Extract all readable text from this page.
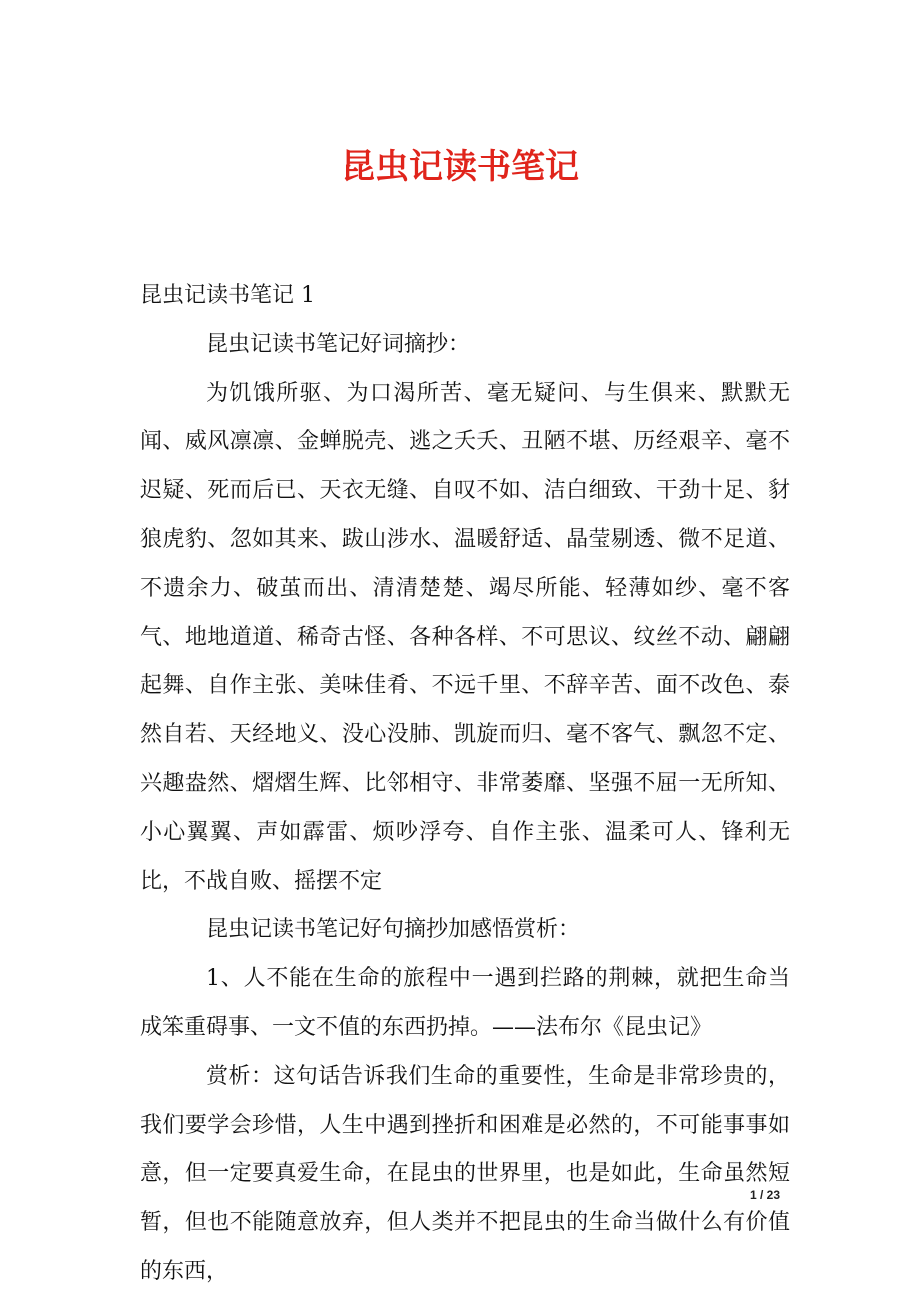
昆虫记读书笔记

昆虫记读书笔记 1

昆虫记读书笔记好词摘抄：

为饥饿所驱、为口渴所苦、毫无疑问、与生俱来、默默无闻、威风凛凛、金蝉脱壳、逃之夭夭、丑陋不堪、历经艰辛、毫不迟疑、死而后已、天衣无缝、自叹不如、洁白细致、干劲十足、豺狼虎豹、忽如其来、跋山涉水、温暖舒适、晶莹剔透、微不足道、不遗余力、破茧而出、清清楚楚、竭尽所能、轻薄如纱、毫不客气、地地道道、稀奇古怪、各种各样、不可思议、纹丝不动、翩翩起舞、自作主张、美味佳肴、不远千里、不辞辛苦、面不改色、泰然自若、天经地义、没心没肺、凯旋而归、毫不客气、飘忽不定、兴趣盎然、熠熠生辉、比邻相守、非常萎靡、坚强不屈一无所知、小心翼翼、声如霹雷、烦吵浮夸、自作主张、温柔可人、锋利无比，不战自败、摇摆不定

昆虫记读书笔记好句摘抄加感悟赏析：

1、人不能在生命的旅程中一遇到拦路的荆棘，就把生命当成笨重碍事、一文不值的东西扔掉。——法布尔《昆虫记》

赏析：这句话告诉我们生命的重要性，生命是非常珍贵的，我们要学会珍惜，人生中遇到挫折和困难是必然的，不可能事事如意，但一定要真爱生命，在昆虫的世界里，也是如此，生命虽然短暂，但也不能随意放弃，但人类并不把昆虫的生命当做什么有价值的东西，

1 / 23
